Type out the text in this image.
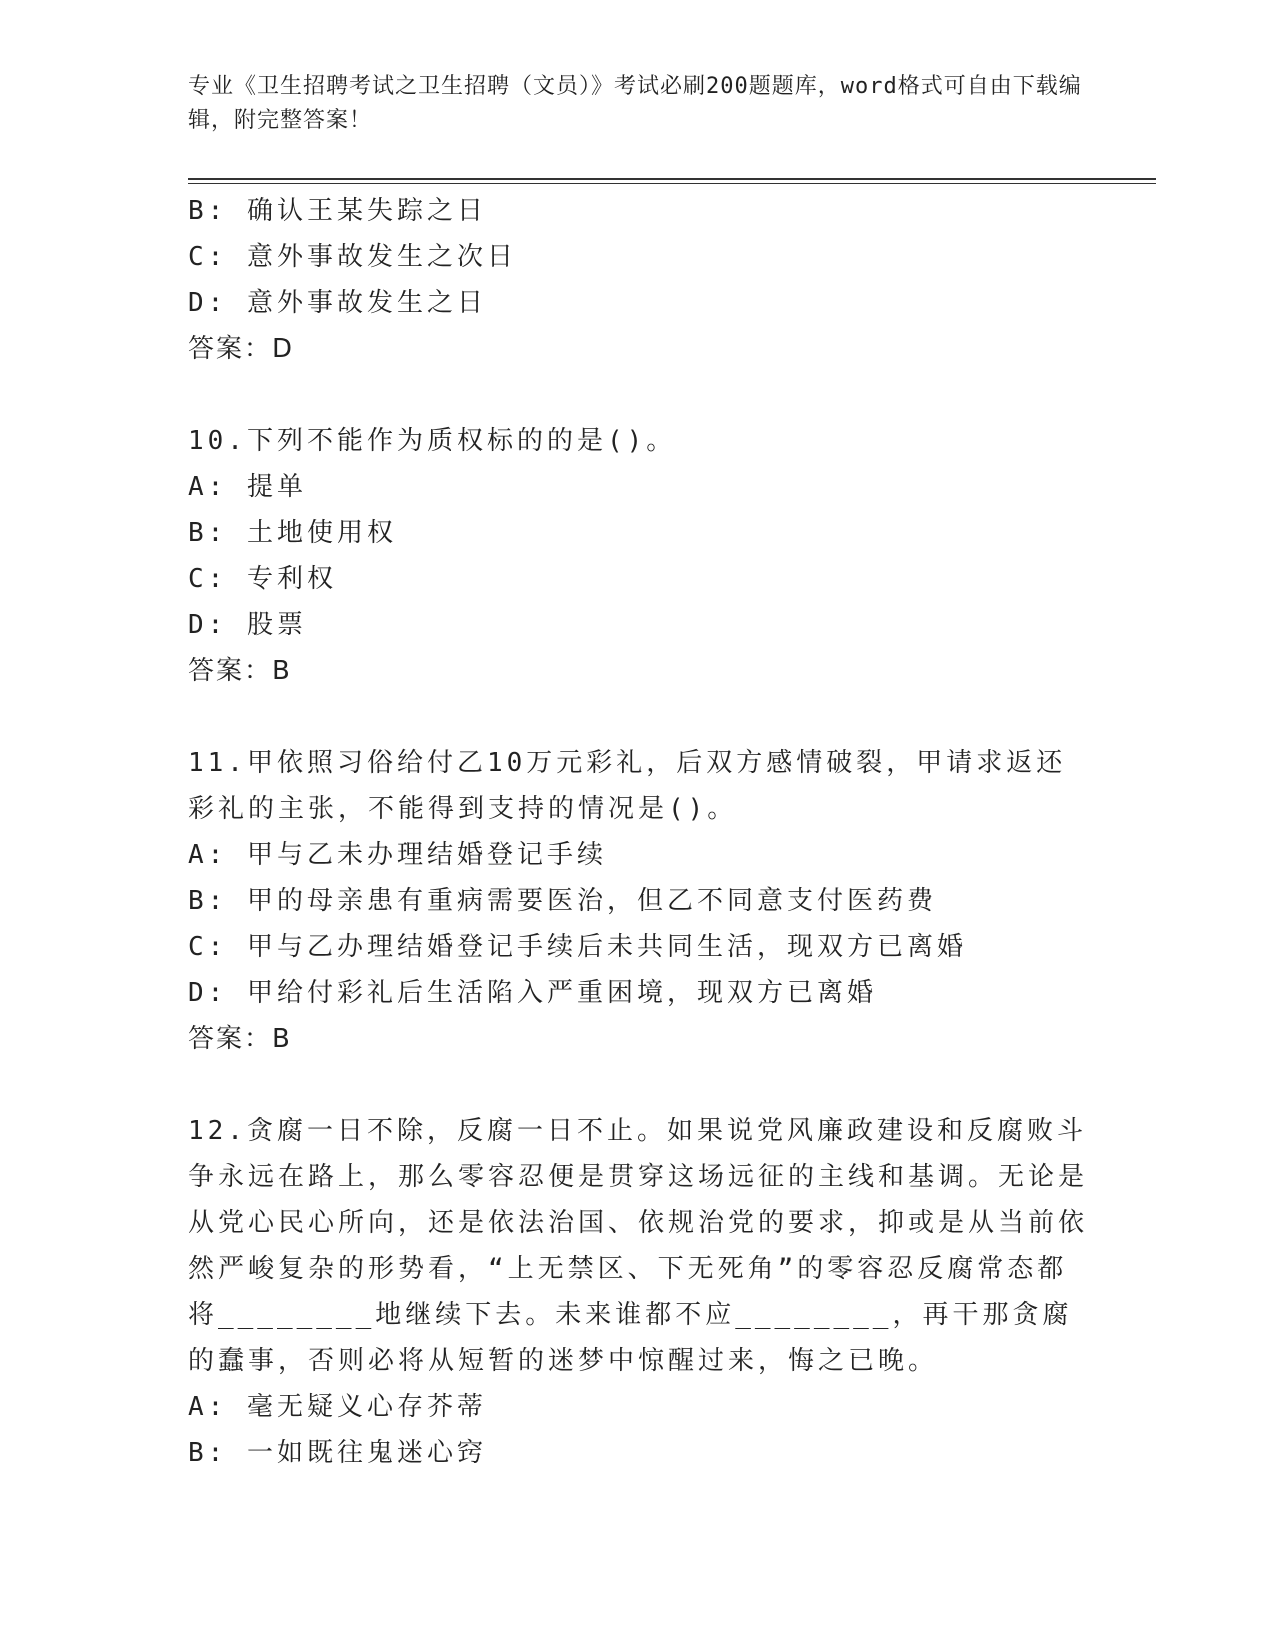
专业《卫生招聘考试之卫生招聘（文员）》考试必刷200题题库，word格式可自由下载编辑，附完整答案！

B: 确认王某失踪之日

C: 意外事故发生之次日

D: 意外事故发生之日

答案：D

10.下列不能作为质权标的的是()。

A: 提单

B: 土地使用权

C: 专利权

D: 股票

答案：B

11.甲依照习俗给付乙10万元彩礼，后双方感情破裂，甲请求返还彩礼的主张，不能得到支持的情况是()。

A: 甲与乙未办理结婚登记手续

B: 甲的母亲患有重病需要医治，但乙不同意支付医药费

C: 甲与乙办理结婚登记手续后未共同生活，现双方已离婚

D: 甲给付彩礼后生活陷入严重困境，现双方已离婚

答案：B

12.贪腐一日不除，反腐一日不止。如果说党风廉政建设和反腐败斗争永远在路上，那么零容忍便是贯穿这场远征的主线和基调。无论是从党心民心所向，还是依法治国、依规治党的要求，抑或是从当前依然严峻复杂的形势看，“上无禁区、下无死角”的零容忍反腐常态都将________地继续下去。未来谁都不应________，再干那贪腐的蠢事，否则必将从短暂的迷梦中惊醒过来，悔之已晚。

A: 毫无疑义心存芥蒂

B: 一如既往鬼迷心窍
